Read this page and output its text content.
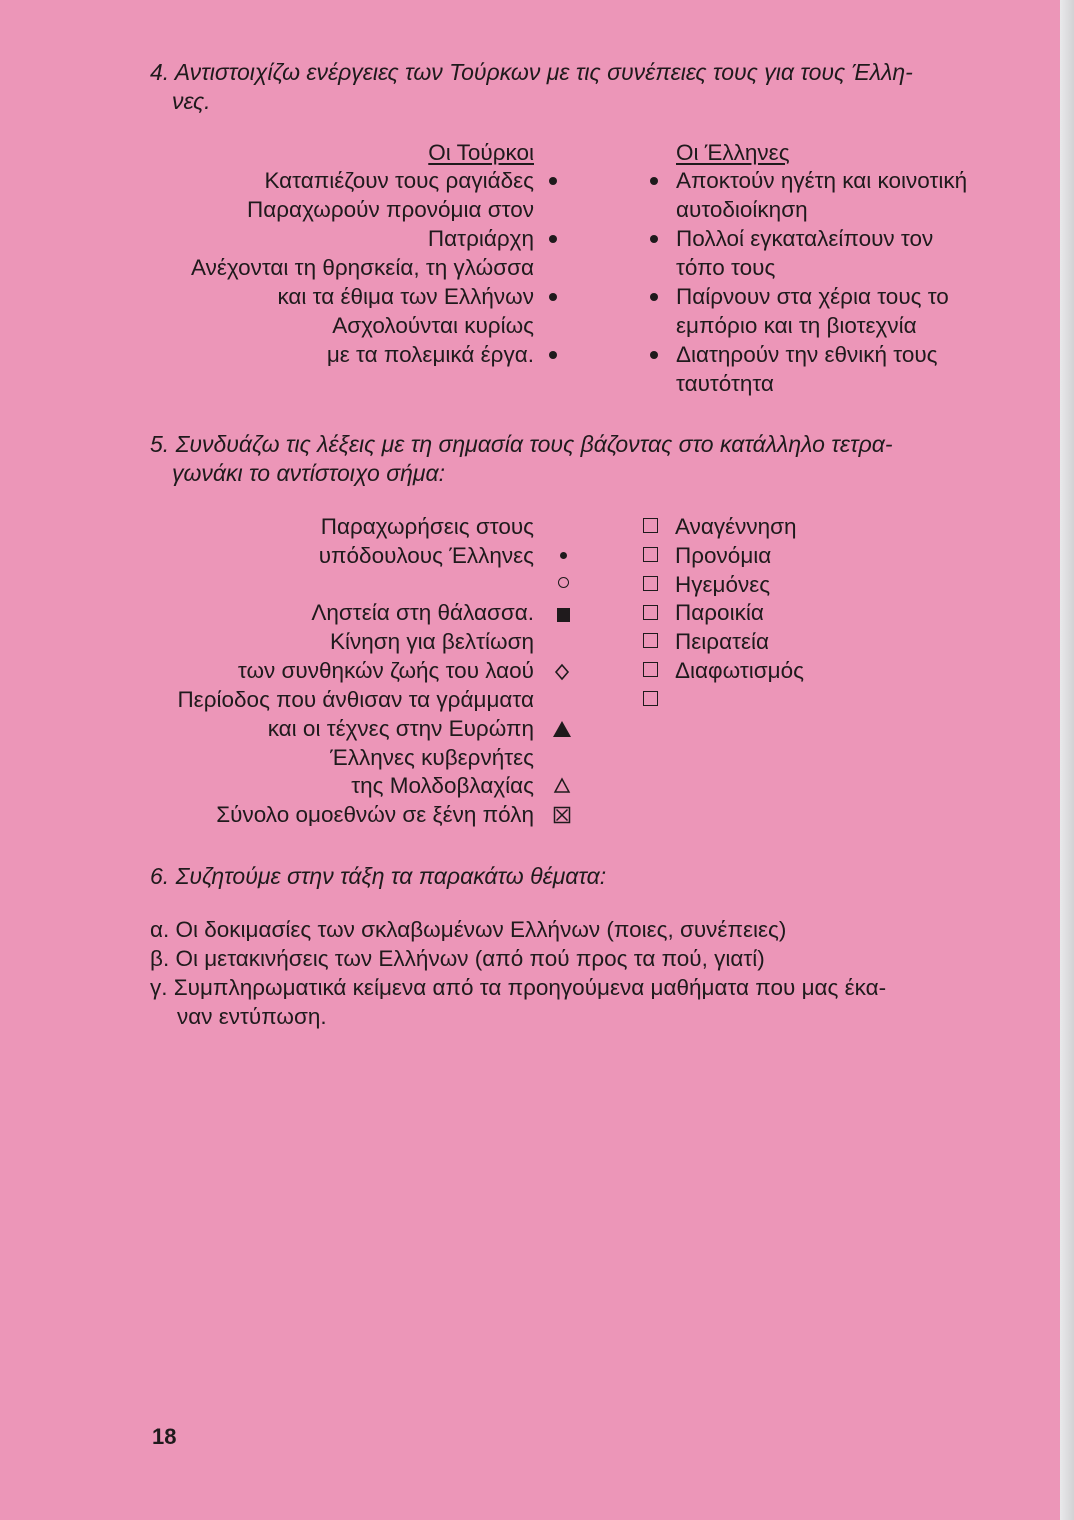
4. Αντιστοιχίζω ενέργειες των Τούρκων με τις συνέπειες τους για τους Έλλη-
νες.
Οι Τούρκοι	Οι Έλληνες
Καταπιέζουν τους ραγιάδες
Παραχωρούν προνόμια στον
Πατριάρχη
Ανέχονται τη θρησκεία, τη γλώσσα
και τα έθιμα των Ελλήνων
Ασχολούνται κυρίως
με τα πολεμικά έργα.
Αποκτούν ηγέτη και κοινοτική
αυτοδιοίκηση
Πολλοί εγκαταλείπουν τον
τόπο τους
Παίρνουν στα χέρια τους το
εμπόριο και τη βιοτεχνία
Διατηρούν την εθνική τους
ταυτότητα
5. Συνδυάζω τις λέξεις με τη σημασία τους βάζοντας στο κατάλληλο τετρα-
γωνάκι το αντίστοιχο σήμα:
Παραχωρήσεις στους
υπόδουλους Έλληνες
Ληστεία στη θάλασσα.
Κίνηση για βελτίωση
των συνθηκών ζωής του λαού
Περίοδος που άνθισαν τα γράμματα
και οι τέχνες στην Ευρώπη
Έλληνες κυβερνήτες
της Μολδοβλαχίας
Σύνολο ομοεθνών σε ξένη πόλη
Αναγέννηση
Προνόμια
Ηγεμόνες
Παροικία
Πειρατεία
Διαφωτισμός
6. Συζητούμε στην τάξη τα παρακάτω θέματα:
α. Οι δοκιμασίες των σκλαβωμένων Ελλήνων (ποιες, συνέπειες)
β. Οι μετακινήσεις των Ελλήνων (από πού προς τα πού, γιατί)
γ. Συμπληρωματικά κείμενα από τα προηγούμενα μαθήματα που μας έκα-
ναν εντύπωση.
18
